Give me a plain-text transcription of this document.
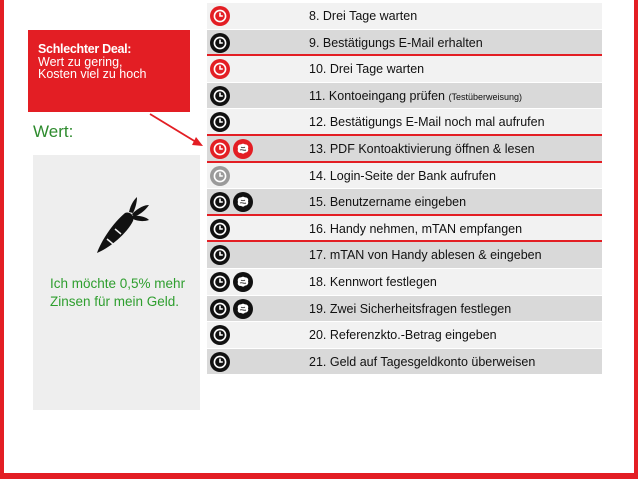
Schlechter Deal:
Wert zu gering,
Kosten viel zu hoch
Wert:
Ich möchte 0,5% mehr Zinsen für mein Geld.
8. Drei Tage warten
9. Bestätigungs E-Mail erhalten
10. Drei Tage warten
11. Kontoeingang prüfen (Testüberweisung)
12. Bestätigungs E-Mail noch mal aufrufen
13. PDF Kontoaktivierung öffnen & lesen
14. Login-Seite der Bank aufrufen
15. Benutzername eingeben
16. Handy nehmen, mTAN empfangen
17. mTAN von Handy ablesen & eingeben
18. Kennwort festlegen
19. Zwei Sicherheitsfragen festlegen
20. Referenzkto.-Betrag eingeben
21. Geld auf Tagesgeldkonto überweisen
